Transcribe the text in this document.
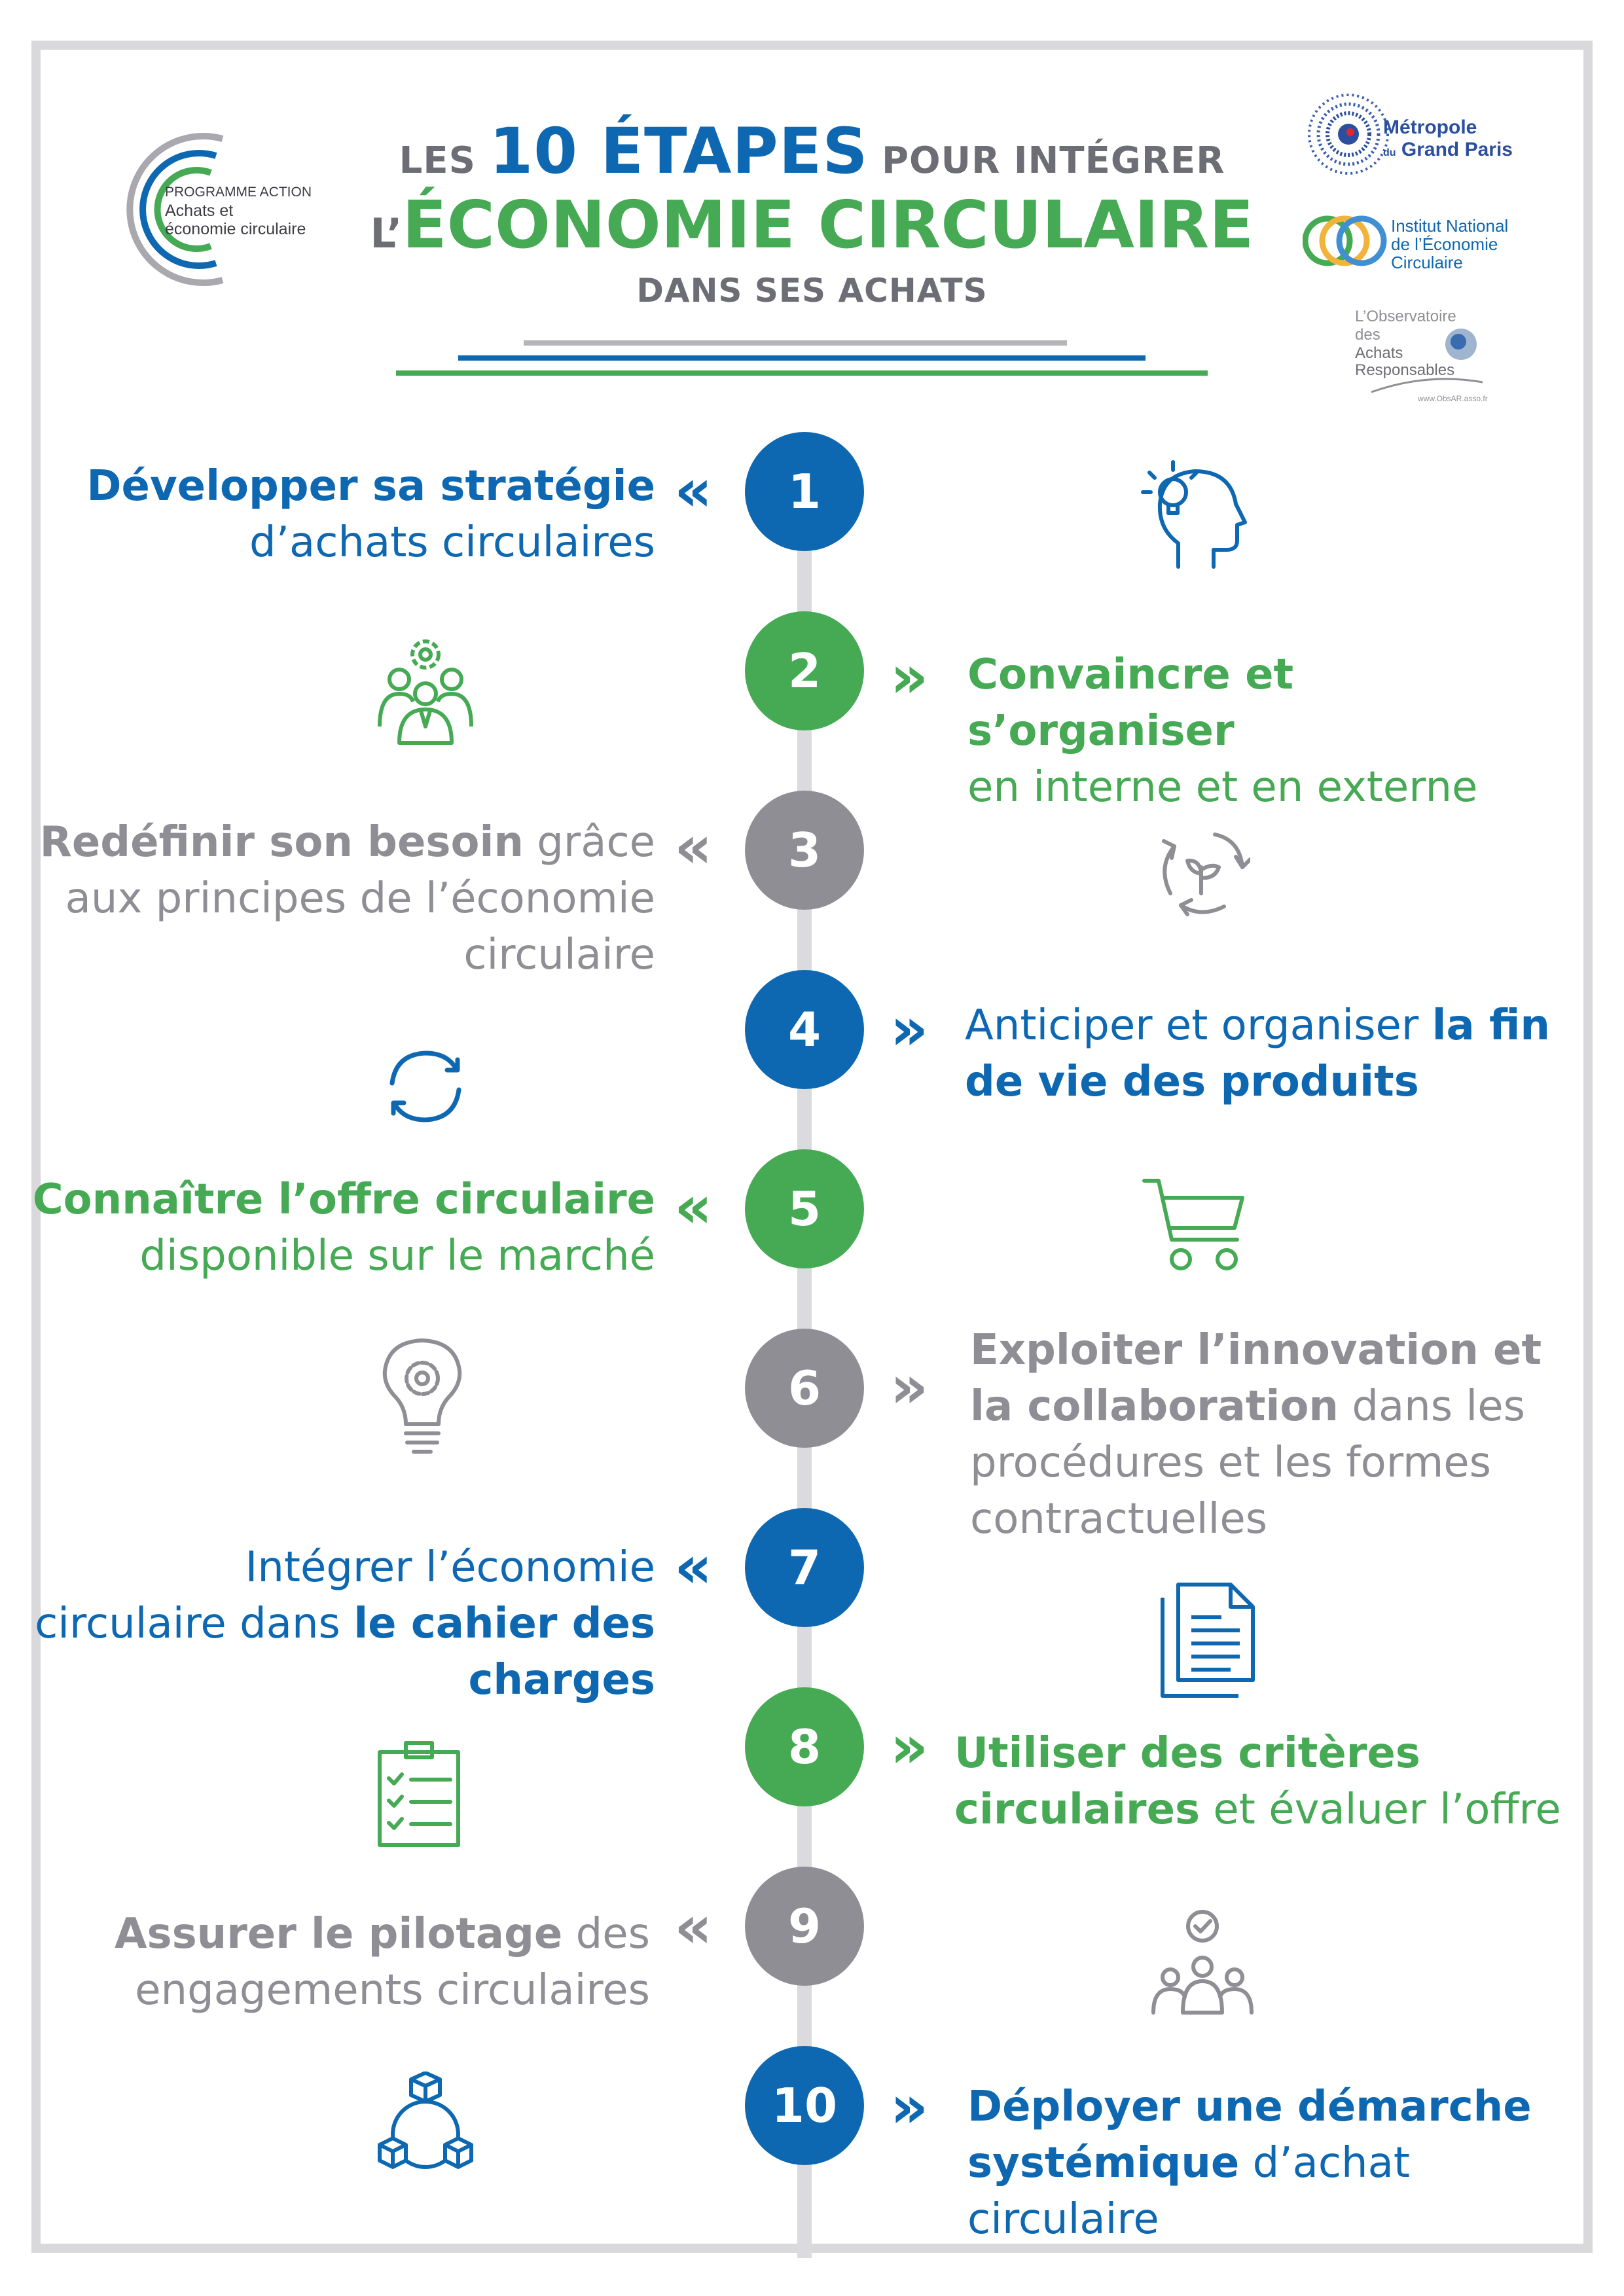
PROGRAMME ACTION
Achats et
économie circulaire
LES 10 ÉTAPES POUR INTÉGRER
L’ÉCONOMIE CIRCULAIRE
DANS SES ACHATS
Métropole
du Grand Paris
Institut National
de l’Économie
Circulaire
L’Observatoire
des
Achats
Responsables
www.ObsAR.asso.fr
1
2
3
4
5
6
7
8
9
10
«
»
«
»
«
»
«
»
«
»
Développer sa stratégie
d’achats circulaires
Convaincre et s’organiser
en interne et en externe
Redéfinir son besoin grâce
aux principes de l’économie
circulaire
Anticiper et organiser la fin
de vie des produits
Connaître l’offre circulaire
disponible sur le marché
Exploiter l’innovation et
la collaboration dans les
procédures et les formes
contractuelles
Intégrer l’économie
circulaire dans le cahier des
charges
Utiliser des critères
circulaires et évaluer l’offre
Assurer le pilotage des
engagements circulaires
Déployer une démarche
systémique d’achat
circulaire
